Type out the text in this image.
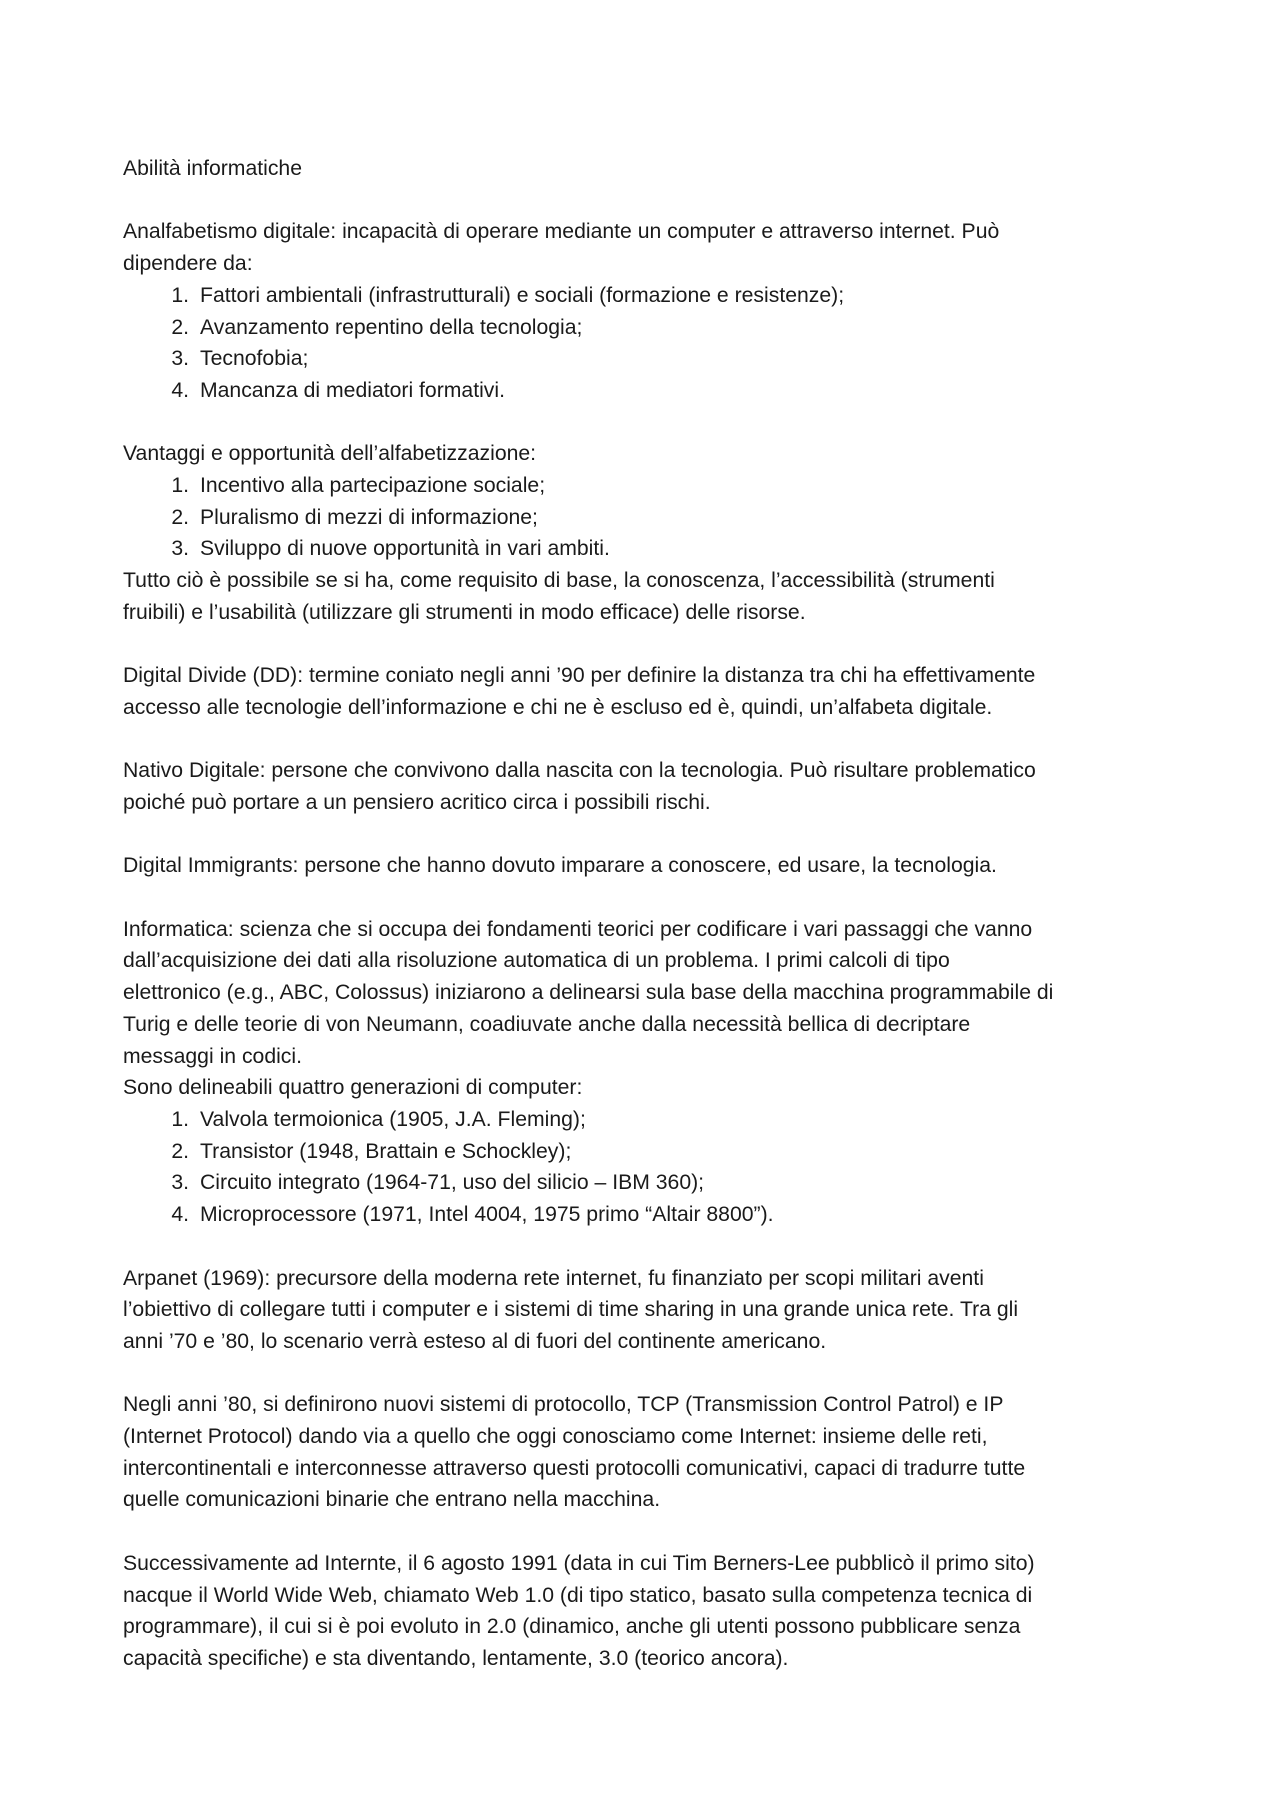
Abilità informatiche

Analfabetismo digitale: incapacità di operare mediante un computer e attraverso internet. Può

dipendere da:

1. Fattori ambientali (infrastrutturali) e sociali (formazione e resistenze);
2. Avanzamento repentino della tecnologia;
3. Tecnofobia;
4. Mancanza di mediatori formativi.

Vantaggi e opportunità dell’alfabetizzazione:

1. Incentivo alla partecipazione sociale;
2. Pluralismo di mezzi di informazione;
3. Sviluppo di nuove opportunità in vari ambiti.

Tutto ciò è possibile se si ha, come requisito di base, la conoscenza, l’accessibilità (strumenti

fruibili) e l’usabilità (utilizzare gli strumenti in modo efficace) delle risorse.

Digital Divide (DD): termine coniato negli anni ’90 per definire la distanza tra chi ha effettivamente

accesso alle tecnologie dell’informazione e chi ne è escluso ed è, quindi, un’alfabeta digitale.

Nativo Digitale: persone che convivono dalla nascita con la tecnologia. Può risultare problematico

poiché può portare a un pensiero acritico circa i possibili rischi.

Digital Immigrants: persone che hanno dovuto imparare a conoscere, ed usare, la tecnologia.

Informatica: scienza che si occupa dei fondamenti teorici per codificare i vari passaggi che vanno

dall’acquisizione dei dati alla risoluzione automatica di un problema. I primi calcoli di tipo

elettronico (e.g., ABC, Colossus) iniziarono a delinearsi sula base della macchina programmabile di

Turig e delle teorie di von Neumann, coadiuvate anche dalla necessità bellica di decriptare

messaggi in codici.

Sono delineabili quattro generazioni di computer:

1. Valvola termoionica (1905, J.A. Fleming);
2. Transistor (1948, Brattain e Schockley);
3. Circuito integrato (1964-71, uso del silicio – IBM 360);
4. Microprocessore (1971, Intel 4004, 1975 primo “Altair 8800”).

Arpanet (1969): precursore della moderna rete internet, fu finanziato per scopi militari aventi

l’obiettivo di collegare tutti i computer e i sistemi di time sharing in una grande unica rete. Tra gli

anni ’70 e ’80, lo scenario verrà esteso al di fuori del continente americano.

Negli anni ’80, si definirono nuovi sistemi di protocollo, TCP (Transmission Control Patrol) e IP

(Internet Protocol) dando via a quello che oggi conosciamo come Internet: insieme delle reti,

intercontinentali e interconnesse attraverso questi protocolli comunicativi, capaci di tradurre tutte

quelle comunicazioni binarie che entrano nella macchina.

Successivamente ad Internte, il 6 agosto 1991 (data in cui Tim Berners-Lee pubblicò il primo sito)

nacque il World Wide Web, chiamato Web 1.0 (di tipo statico, basato sulla competenza tecnica di

programmare), il cui si è poi evoluto in 2.0 (dinamico, anche gli utenti possono pubblicare senza

capacità specifiche) e sta diventando, lentamente, 3.0 (teorico ancora).
